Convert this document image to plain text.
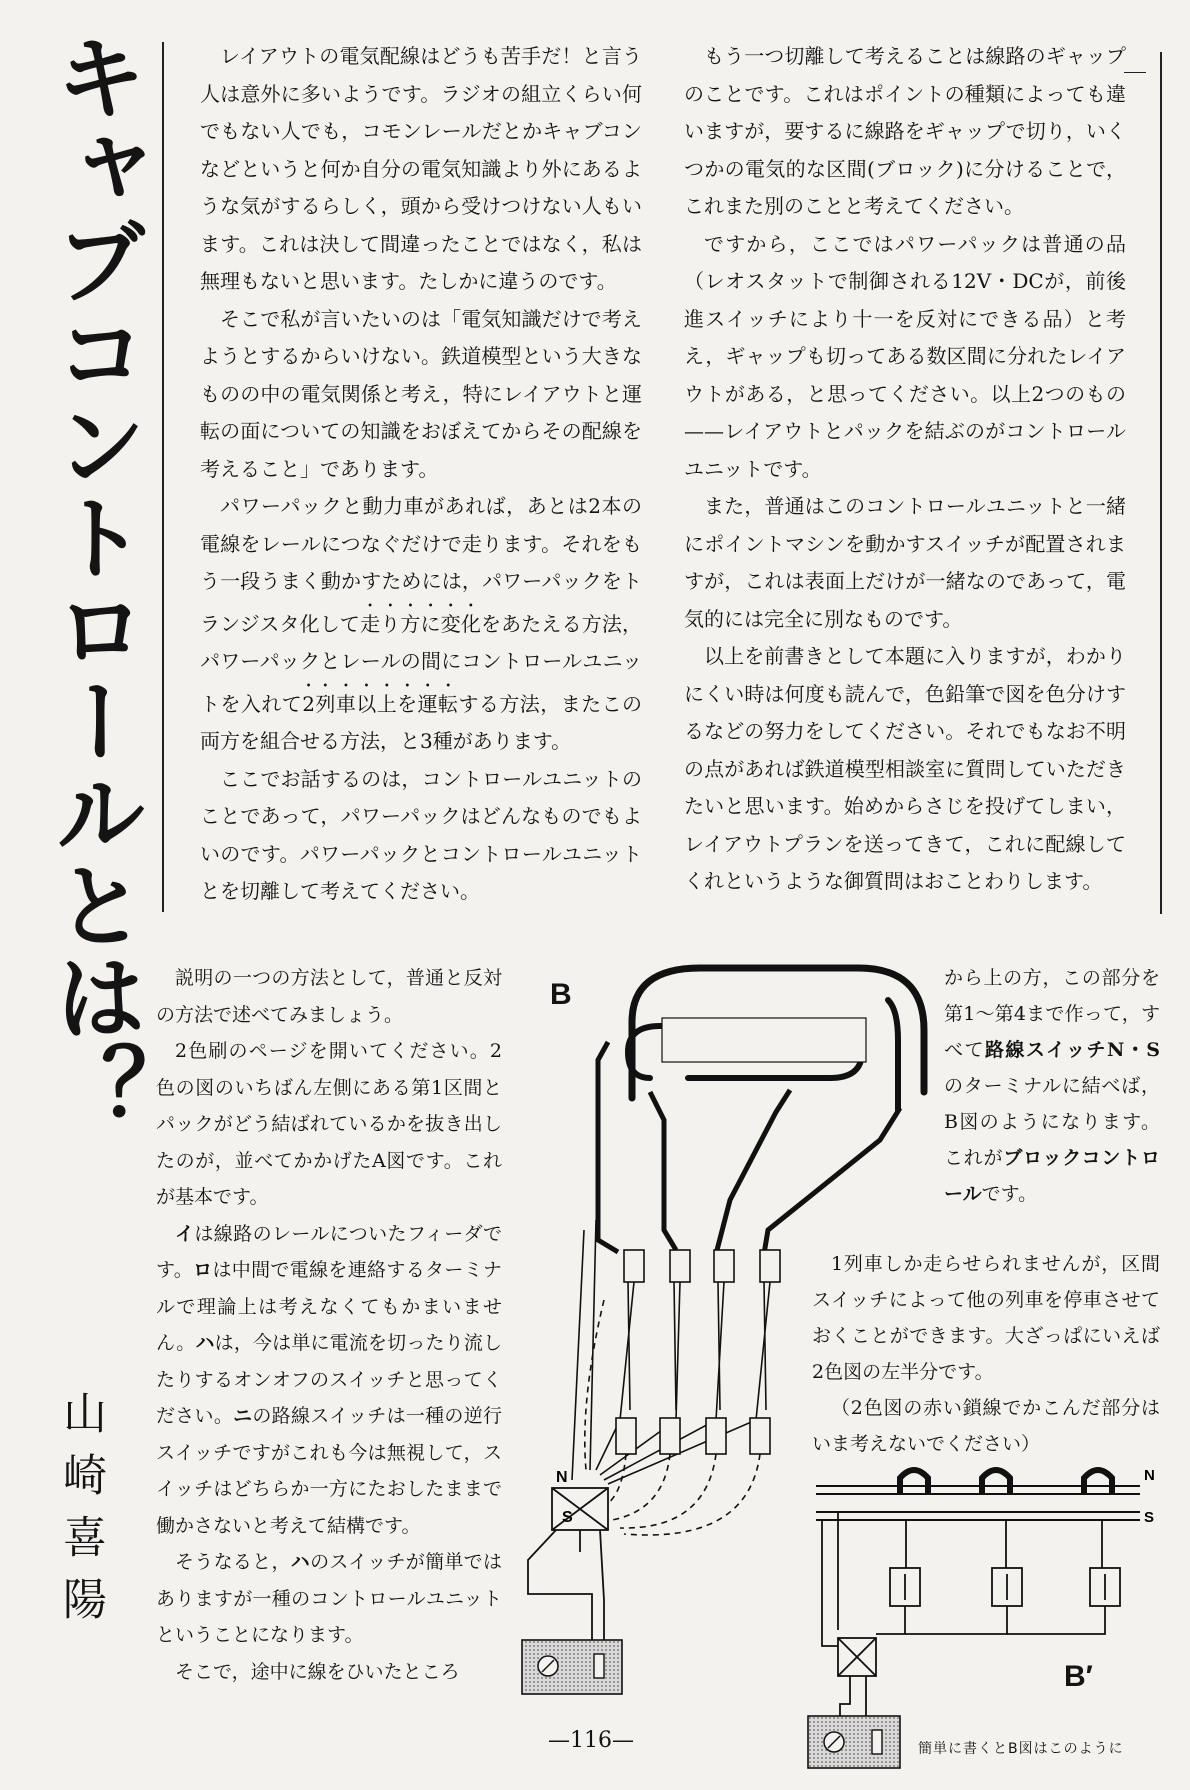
キャブコントロールとは？
山崎喜陽

レイアウトの電気配線はどうも苦手だ！と言う人は意外に多いようです。ラジオの組立くらい何でもない人でも，コモンレールだとかキャブコンなどというと何か自分の電気知識より外にあるような気がするらしく，頭から受けつけない人もいます。これは決して間違ったことではなく，私は無理もないと思います。たしかに違うのです。

そこで私が言いたいのは「電気知識だけで考えようとするからいけない。鉄道模型という大きなものの中の電気関係と考え，特にレイアウトと運転の面についての知識をおぼえてからその配線を考えること」であります。

パワーパックと動力車があれば，あとは2本の電線をレールにつなぐだけで走ります。それをもう一段うまく動かすためには，パワーパックをトランジスタ化して走り方に変化をあたえる方法，パワーパックとレールの間にコントロールユニットを入れて2列車以上を運転する方法，またこの両方を組合せる方法，と3種があります。

ここでお話するのは，コントロールユニットのことであって，パワーパックはどんなものでもよいのです。パワーパックとコントロールユニットとを切離して考えてください。

もう一つ切離して考えることは線路のギャップのことです。これはポイントの種類によっても違いますが，要するに線路をギャップで切り，いくつかの電気的な区間(ブロック)に分けることで，これまた別のことと考えてください。

ですから，ここではパワーパックは普通の品（レオスタットで制御される12V・DCが，前後進スイッチにより十一を反対にできる品）と考え，ギャップも切ってある数区間に分れたレイアウトがある，と思ってください。以上2つのもの——レイアウトとパックを結ぶのがコントロールユニットです。

また，普通はこのコントロールユニットと一緒にポイントマシンを動かすスイッチが配置されますが，これは表面上だけが一緒なのであって，電気的には完全に別なものです。

以上を前書きとして本題に入りますが，わかりにくい時は何度も読んで，色鉛筆で図を色分けするなどの努力をしてください。それでもなお不明の点があれば鉄道模型相談室に質問していただきたいと思います。始めからさじを投げてしまい，レイアウトプランを送ってきて，これに配線してくれというような御質問はおことわりします。

説明の一つの方法として，普通と反対の方法で述べてみましょう。

2色刷のページを開いてください。2色の図のいちばん左側にある第1区間とパックがどう結ばれているかを抜き出したのが，並べてかかげたA図です。これが基本です。

イは線路のレールについたフィーダです。ロは中間で電線を連絡するターミナルで理論上は考えなくてもかまいません。ハは，今は単に電流を切ったり流したりするオンオフのスイッチと思ってください。ニの路線スイッチは一種の逆行スイッチですがこれも今は無視して，スイッチはどちらか一方にたおしたままで働かさないと考えて結構です。

そうなると，ハのスイッチが簡単ではありますが一種のコントロールユニットということになります。

そこで，途中に線をひいたところ

から上の方，この部分を第1～第4まで作って，すべて路線スイッチN・Sのターミナルに結べば，B図のようになります。これがブロックコントロールです。

1列車しか走らせられませんが，区間スイッチによって他の列車を停車させておくことができます。大ざっぱにいえば2色図の左半分です。

（2色図の赤い鎖線でかこんだ部分はいま考えないでください）

B
B′
簡単に書くとB図はこのように
N
S
N
S
—116—
